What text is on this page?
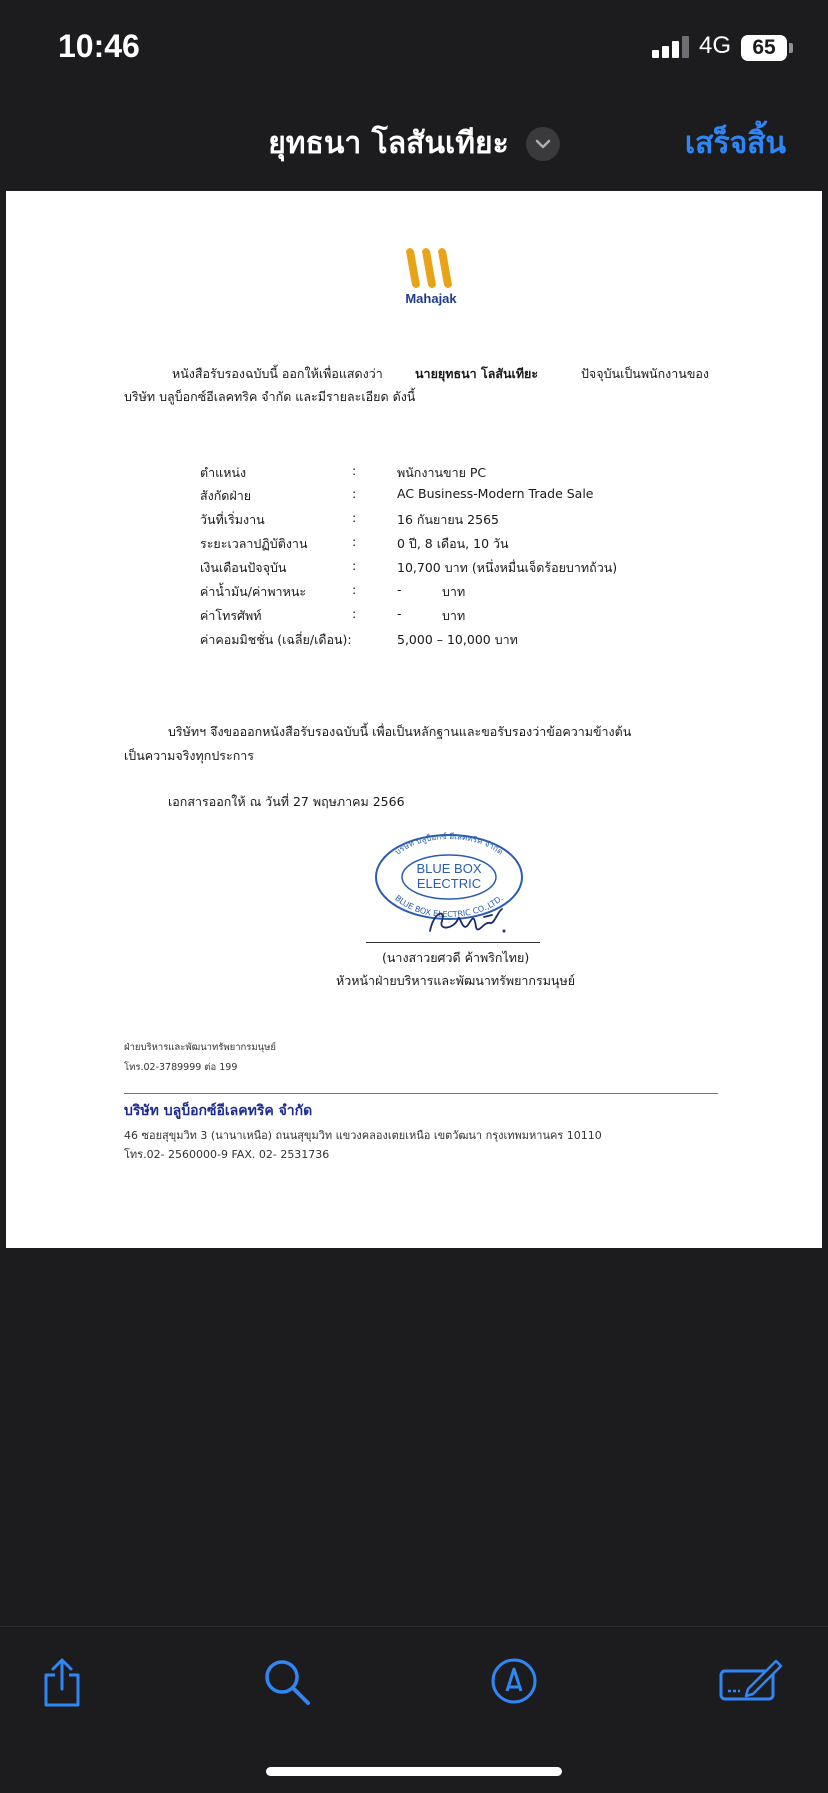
10:46	4G	65
ยุทธนา โลสันเทียะ	เสร็จสิ้น
Mahajak
หนังสือรับรองฉบับนี้ ออกให้เพื่อแสดงว่า	นายยุทธนา โลสันเทียะ	ปัจจุบันเป็นพนักงานของ
บริษัท บลูบ็อกซ์อีเลคทริค จำกัด และมีรายละเอียด ดังนี้
ตำแหน่ง	:	พนักงานขาย PC
สังกัดฝ่าย	:	AC Business-Modern Trade Sale
วันที่เริ่มงาน	:	16 กันยายน 2565
ระยะเวลาปฏิบัติงาน	:	0 ปี, 8 เดือน, 10 วัน
เงินเดือนปัจจุบัน	:	10,700 บาท (หนึ่งหมื่นเจ็ดร้อยบาทถ้วน)
ค่าน้ำมัน/ค่าพาหนะ	:	-	บาท
ค่าโทรศัพท์	:	-	บาท
ค่าคอมมิชชั่น (เฉลี่ย/เดือน):	5,000 – 10,000 บาท
บริษัทฯ จึงขอออกหนังสือรับรองฉบับนี้ เพื่อเป็นหลักฐานและขอรับรองว่าข้อความข้างต้น
เป็นความจริงทุกประการ
เอกสารออกให้ ณ วันที่ 27 พฤษภาคม 2566
บริษัท บลูบ็อกซ์ อีเลคทริค จำกัด
BLUE BOX ELECTRIC CO.,LTD.
BLUE BOX
ELECTRIC
(นางสาวยศวดี ค้าพริกไทย)
หัวหน้าฝ่ายบริหารและพัฒนาทรัพยากรมนุษย์
ฝ่ายบริหารและพัฒนาทรัพยากรมนุษย์
โทร.02-3789999 ต่อ 199
บริษัท บลูบ็อกซ์อีเลคทริค จำกัด
46 ซอยสุขุมวิท 3 (นานาเหนือ) ถนนสุขุมวิท แขวงคลองเตยเหนือ เขตวัฒนา กรุงเทพมหานคร 10110
โทร.02- 2560000-9 FAX. 02- 2531736
